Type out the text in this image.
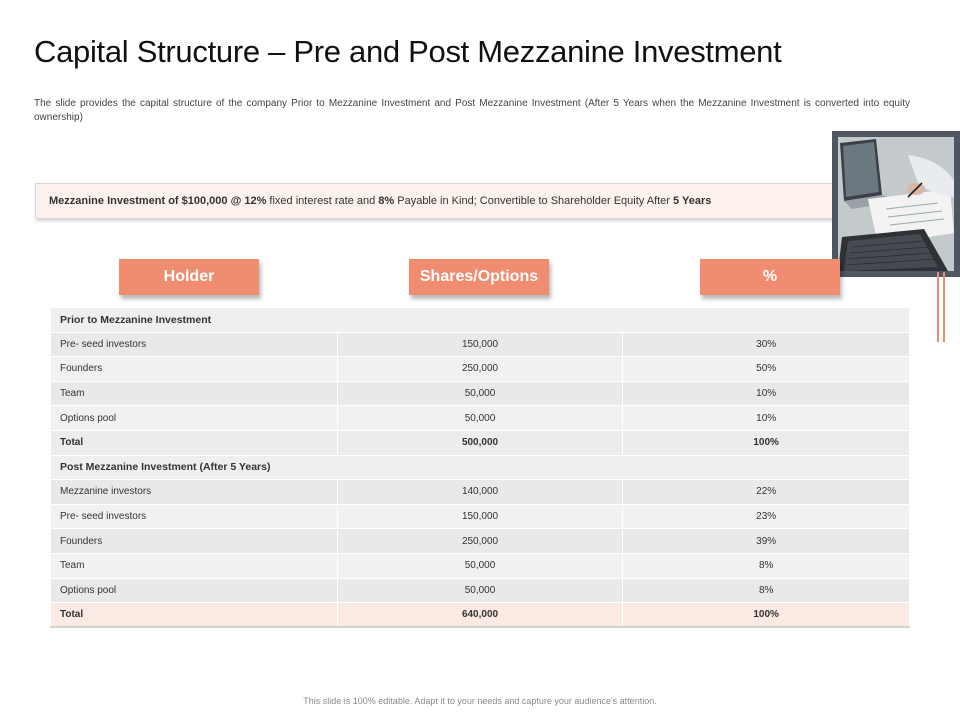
Capital Structure – Pre and Post Mezzanine Investment
The slide provides the capital structure of the company Prior to Mezzanine Investment and Post Mezzanine Investment (After 5 Years when the Mezzanine Investment is converted into equity ownership)
Mezzanine Investment of $100,000 @ 12% fixed interest rate and 8% Payable in Kind; Convertible to Shareholder Equity After 5 Years
Holder	Shares/Options	%
Prior to Mezzanine Investment		
Pre- seed investors	150,000	30%
Founders	250,000	50%
Team	50,000	10%
Options pool	50,000	10%
Total	500,000	100%
Post Mezzanine Investment (After 5 Years)		
Mezzanine investors	140,000	22%
Pre- seed investors	150,000	23%
Founders	250,000	39%
Team	50,000	8%
Options pool	50,000	8%
Total	640,000	100%
This slide is 100% editable. Adapt it to your needs and capture your audience's attention.
